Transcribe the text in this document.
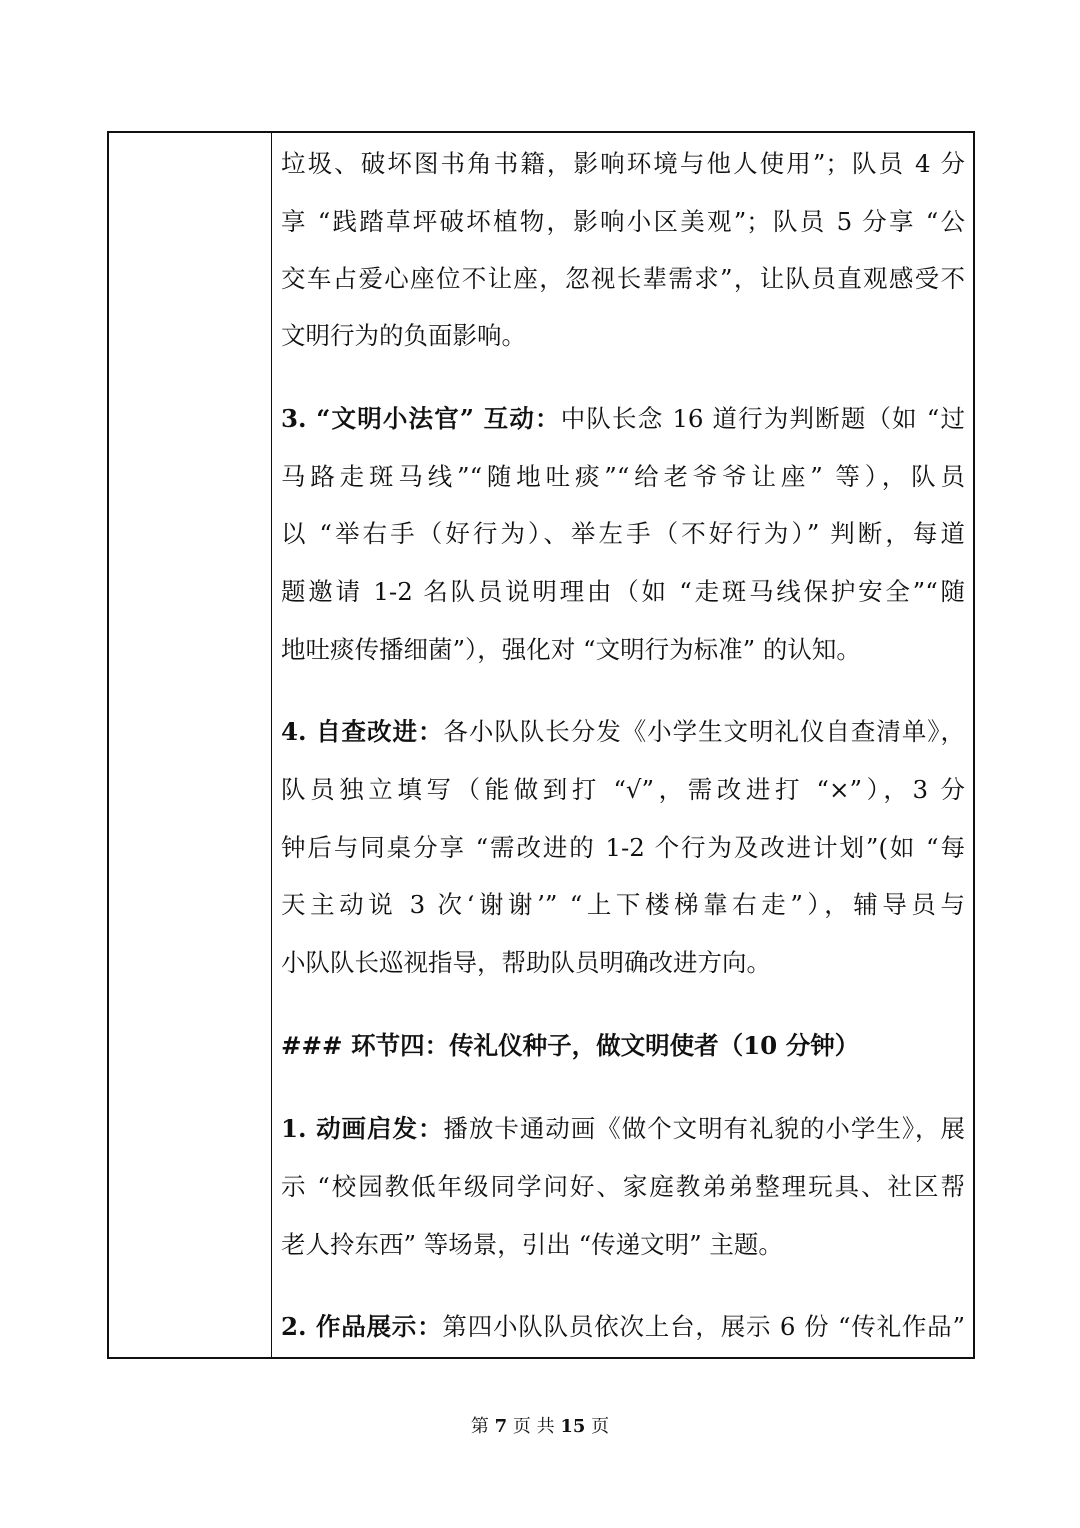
垃圾、破坏图书角书籍，影响环境与他人使用”；队员 4 分
享 “践踏草坪破坏植物，影响小区美观”；队员 5 分享 “公
交车占爱心座位不让座，忽视长辈需求”，让队员直观感受不
文明行为的负面影响。
3. “文明小法官” 互动：中队长念 16 道行为判断题（如 “过
马路走斑马线”“随地吐痰”“给老爷爷让座” 等），队员
以 “举右手（好行为）、举左手（不好行为）” 判断，每道
题邀请 1-2 名队员说明理由（如 “走斑马线保护安全”“随
地吐痰传播细菌”），强化对 “文明行为标准” 的认知。
4. 自查改进：各小队队长分发《小学生文明礼仪自查清单》，
队员独立填写（能做到打 “√”，需改进打 “×”），3 分
钟后与同桌分享 “需改进的 1-2 个行为及改进计划”(如 “每
天主动说 3 次‘谢谢’” “上下楼梯靠右走”），辅导员与
小队队长巡视指导，帮助队员明确改进方向。
### 环节四：传礼仪种子，做文明使者（10 分钟）
1. 动画启发：播放卡通动画《做个文明有礼貌的小学生》，展
示 “校园教低年级同学问好、家庭教弟弟整理玩具、社区帮
老人拎东西” 等场景，引出 “传递文明” 主题。
2. 作品展示：第四小队队员依次上台，展示 6 份 “传礼作品”
第 7 页 共 15 页
